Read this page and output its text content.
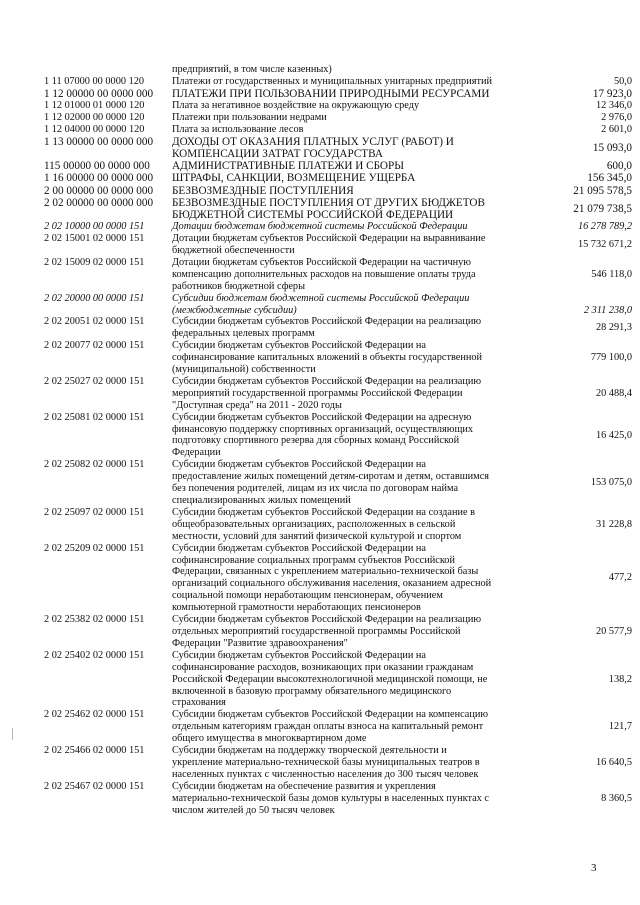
	предприятий, в том числе казенных)	
1 11 07000 00 0000 120	Платежи от государственных и муниципальных унитарных предприятий	50,0
1 12 00000 00 0000 000	ПЛАТЕЖИ ПРИ ПОЛЬЗОВАНИИ ПРИРОДНЫМИ РЕСУРСАМИ	17 923,0
1 12 01000 01 0000 120	Плата за негативное воздействие на окружающую среду	12 346,0
1 12 02000 00 0000 120	Платежи при пользовании недрами	2 976,0
1 12 04000 00 0000 120	Плата за использование лесов	2 601,0
1 13 00000 00 0000 000	ДОХОДЫ ОТ ОКАЗАНИЯ ПЛАТНЫХ УСЛУГ (РАБОТ) И КОМПЕНСАЦИИ ЗАТРАТ ГОСУДАРСТВА	15 093,0
115 00000 00 0000 000	АДМИНИСТРАТИВНЫЕ ПЛАТЕЖИ И СБОРЫ	600,0
1 16 00000 00 0000 000	ШТРАФЫ, САНКЦИИ, ВОЗМЕЩЕНИЕ УЩЕРБА	156 345,0
2 00 00000 00 0000 000	БЕЗВОЗМЕЗДНЫЕ ПОСТУПЛЕНИЯ	21 095 578,5
2 02 00000 00 0000 000	БЕЗВОЗМЕЗДНЫЕ ПОСТУПЛЕНИЯ ОТ ДРУГИХ БЮДЖЕТОВ БЮДЖЕТНОЙ СИСТЕМЫ РОССИЙСКОЙ ФЕДЕРАЦИИ	21 079 738,5
2 02 10000 00 0000 151	Дотации бюджетам бюджетной системы Российской Федерации	16 278 789,2
2 02 15001 02 0000 151	Дотации бюджетам субъектов Российской Федерации на выравнивание бюджетной обеспеченности	15 732 671,2
2 02 15009 02 0000 151	Дотации бюджетам субъектов Российской Федерации на частичную компенсацию дополнительных расходов на повышение оплаты труда работников бюджетной сферы	546 118,0
2 02 20000 00 0000 151	Субсидии бюджетам бюджетной системы Российской Федерации (межбюджетные субсидии)	2 311 238,0
2 02 20051 02 0000 151	Субсидии бюджетам субъектов Российской Федерации на реализацию федеральных целевых программ	28 291,3
2 02 20077 02 0000 151	Субсидии бюджетам субъектов Российской Федерации на софинансирование капитальных вложений в объекты государственной (муниципальной) собственности	779 100,0
2 02 25027 02 0000 151	Субсидии бюджетам субъектов Российской Федерации на реализацию мероприятий государственной программы Российской Федерации "Доступная среда" на 2011 - 2020 годы	20 488,4
2 02 25081 02 0000 151	Субсидии бюджетам субъектов Российской Федерации на адресную финансовую поддержку спортивных организаций, осуществляющих подготовку спортивного резерва для сборных команд Российской Федерации	16 425,0
2 02 25082 02 0000 151	Субсидии бюджетам субъектов Российской Федерации на предоставление жилых помещений детям-сиротам и детям, оставшимся без попечения родителей, лицам из их числа по договорам найма специализированных жилых помещений	153 075,0
2 02 25097 02 0000 151	Субсидии бюджетам субъектов Российской Федерации на создание в общеобразовательных организациях, расположенных в сельской местности, условий для занятий физической культурой и спортом	31 228,8
2 02 25209 02 0000 151	Субсидии бюджетам субъектов Российской Федерации на софинансирование социальных программ субъектов Российской Федерации, связанных с укреплением материально-технической базы организаций социального обслуживания населения, оказанием адресной социальной помощи неработающим пенсионерам, обучением компьютерной грамотности неработающих пенсионеров	477,2
2 02 25382 02 0000 151	Субсидии бюджетам субъектов Российской Федерации на реализацию отдельных мероприятий государственной программы Российской Федерации "Развитие здравоохранения"	20 577,9
2 02 25402 02 0000 151	Субсидии бюджетам субъектов Российской Федерации на софинансирование расходов, возникающих при оказании гражданам Российской Федерации высокотехнологичной медицинской помощи, не включенной в базовую программу обязательного медицинского страхования	138,2
2 02 25462 02 0000 151	Субсидии бюджетам субъектов Российской Федерации на компенсацию отдельным категориям граждан оплаты взноса на капитальный ремонт общего имущества в многоквартирном доме	121,7
2 02 25466 02 0000 151	Субсидии бюджетам на поддержку творческой деятельности и укрепление материально-технической базы муниципальных театров в населенных пунктах с численностью населения до 300 тысяч человек	16 640,5
2 02 25467 02 0000 151	Субсидии бюджетам на обеспечение развития и укрепления материально-технической базы домов культуры в населенных пунктах с числом жителей до 50 тысяч человек	8 360,5
3
